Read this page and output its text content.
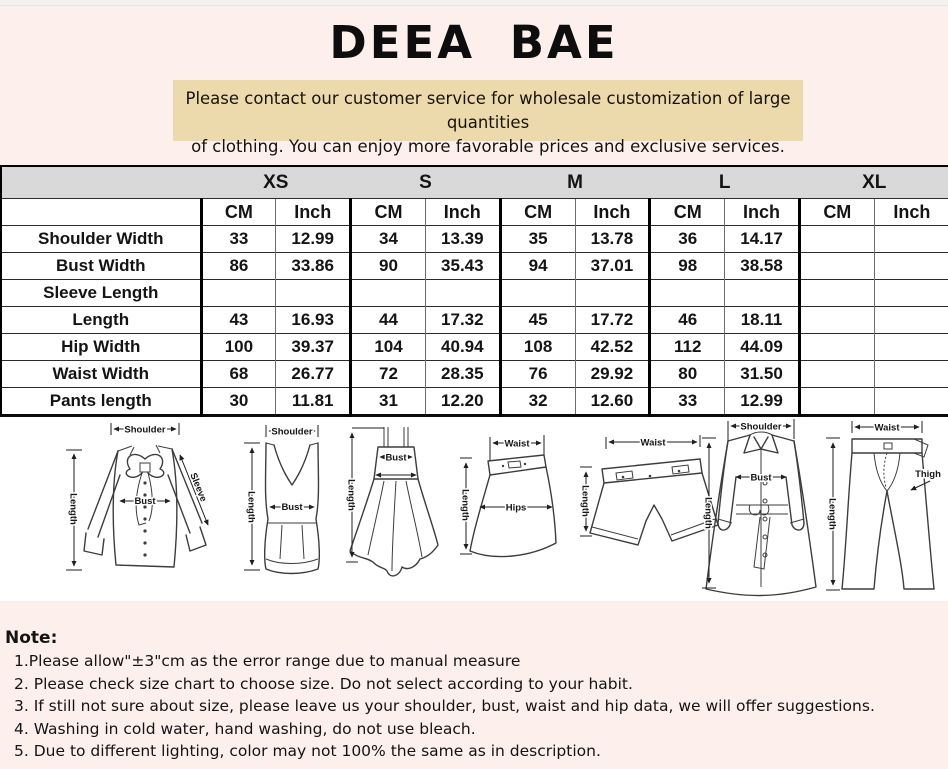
DEEA BAE
Please contact our customer service for wholesale customization of large quantities
of clothing. You can enjoy more favorable prices and exclusive services.
	XS		S		M		L		XL	
	CM	Inch	CM	Inch	CM	Inch	CM	Inch	CM	Inch
Shoulder Width	33	12.99	34	13.39	35	13.78	36	14.17		
Bust Width	86	33.86	90	35.43	94	37.01	98	38.58		
Sleeve Length										
Length	43	16.93	44	17.32	45	17.72	46	18.11		
Hip Width	100	39.37	104	40.94	108	42.52	112	44.09		
Waist Width	68	26.77	72	28.35	76	29.92	80	31.50		
Pants length	30	11.81	31	12.20	32	12.60	33	12.99		
Shoulder
Length	Bust	Sleeve
Shoulder
Length	Bust	Length
Bust
Waist
Length	Hips
Waist
Length
Shoulder
Length
Bust
Waist
Length
Thigh
Note:
1.Please allow"±3"cm as the error range due to manual measure
2. Please check size chart to choose size. Do not select according to your habit.
3. If still not sure about size, please leave us your shoulder, bust, waist and hip data, we will offer suggestions.
4. Washing in cold water, hand washing, do not use bleach.
5. Due to different lighting, color may not 100% the same as in description.
